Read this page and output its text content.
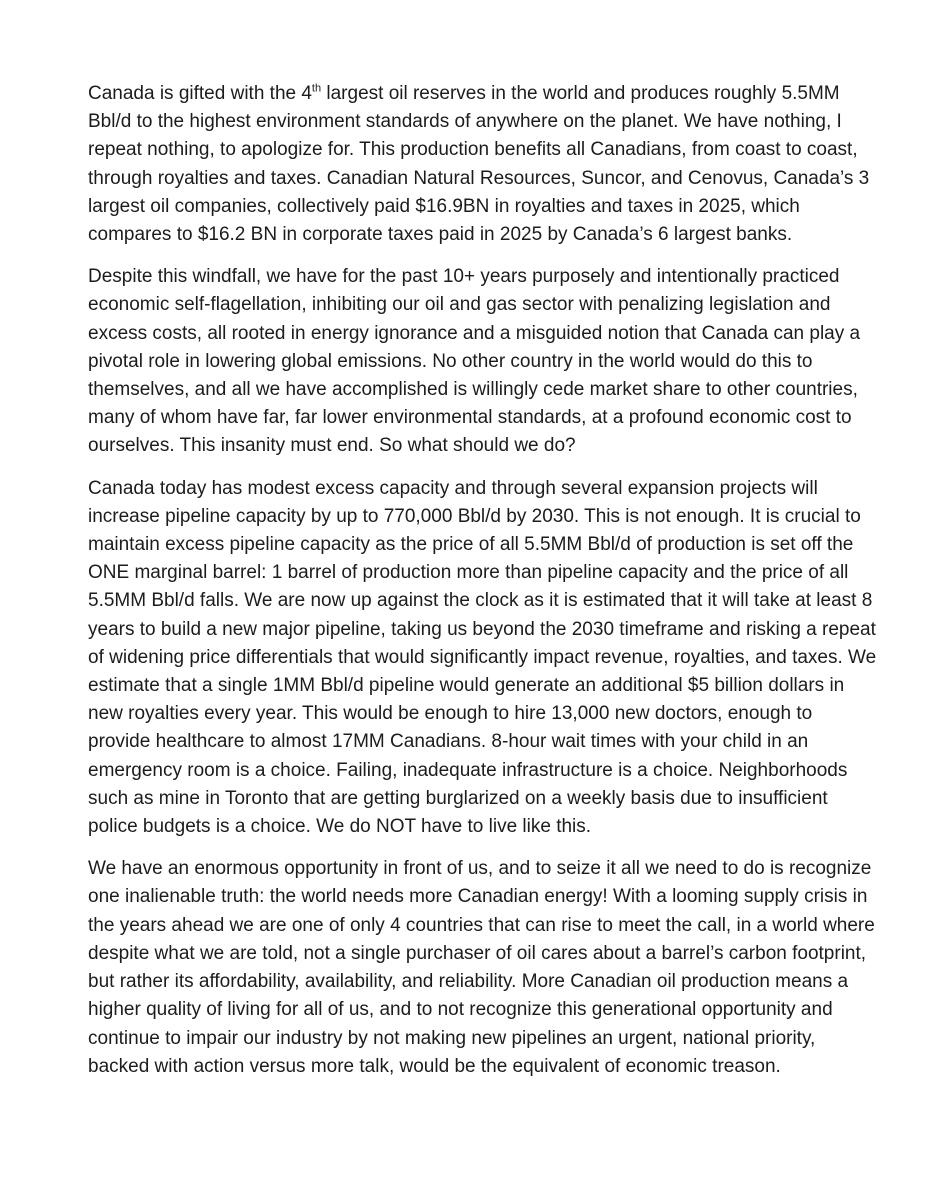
Canada is gifted with the 4th largest oil reserves in the world and produces roughly 5.5MM Bbl/d to the highest environment standards of anywhere on the planet. We have nothing, I repeat nothing, to apologize for. This production benefits all Canadians, from coast to coast, through royalties and taxes. Canadian Natural Resources, Suncor, and Cenovus, Canada’s 3 largest oil companies, collectively paid $16.9BN in royalties and taxes in 2025, which compares to $16.2 BN in corporate taxes paid in 2025 by Canada’s 6 largest banks.

Despite this windfall, we have for the past 10+ years purposely and intentionally practiced economic self-flagellation, inhibiting our oil and gas sector with penalizing legislation and excess costs, all rooted in energy ignorance and a misguided notion that Canada can play a pivotal role in lowering global emissions. No other country in the world would do this to themselves, and all we have accomplished is willingly cede market share to other countries, many of whom have far, far lower environmental standards, at a profound economic cost to ourselves. This insanity must end. So what should we do?

Canada today has modest excess capacity and through several expansion projects will increase pipeline capacity by up to 770,000 Bbl/d by 2030. This is not enough. It is crucial to maintain excess pipeline capacity as the price of all 5.5MM Bbl/d of production is set off the ONE marginal barrel: 1 barrel of production more than pipeline capacity and the price of all 5.5MM Bbl/d falls. We are now up against the clock as it is estimated that it will take at least 8 years to build a new major pipeline, taking us beyond the 2030 timeframe and risking a repeat of widening price differentials that would significantly impact revenue, royalties, and taxes. We estimate that a single 1MM Bbl/d pipeline would generate an additional $5 billion dollars in new royalties every year. This would be enough to hire 13,000 new doctors, enough to provide healthcare to almost 17MM Canadians. 8-hour wait times with your child in an emergency room is a choice. Failing, inadequate infrastructure is a choice. Neighborhoods such as mine in Toronto that are getting burglarized on a weekly basis due to insufficient police budgets is a choice. We do NOT have to live like this.

We have an enormous opportunity in front of us, and to seize it all we need to do is recognize one inalienable truth: the world needs more Canadian energy! With a looming supply crisis in the years ahead we are one of only 4 countries that can rise to meet the call, in a world where despite what we are told, not a single purchaser of oil cares about a barrel’s carbon footprint, but rather its affordability, availability, and reliability. More Canadian oil production means a higher quality of living for all of us, and to not recognize this generational opportunity and continue to impair our industry by not making new pipelines an urgent, national priority, backed with action versus more talk, would be the equivalent of economic treason.
